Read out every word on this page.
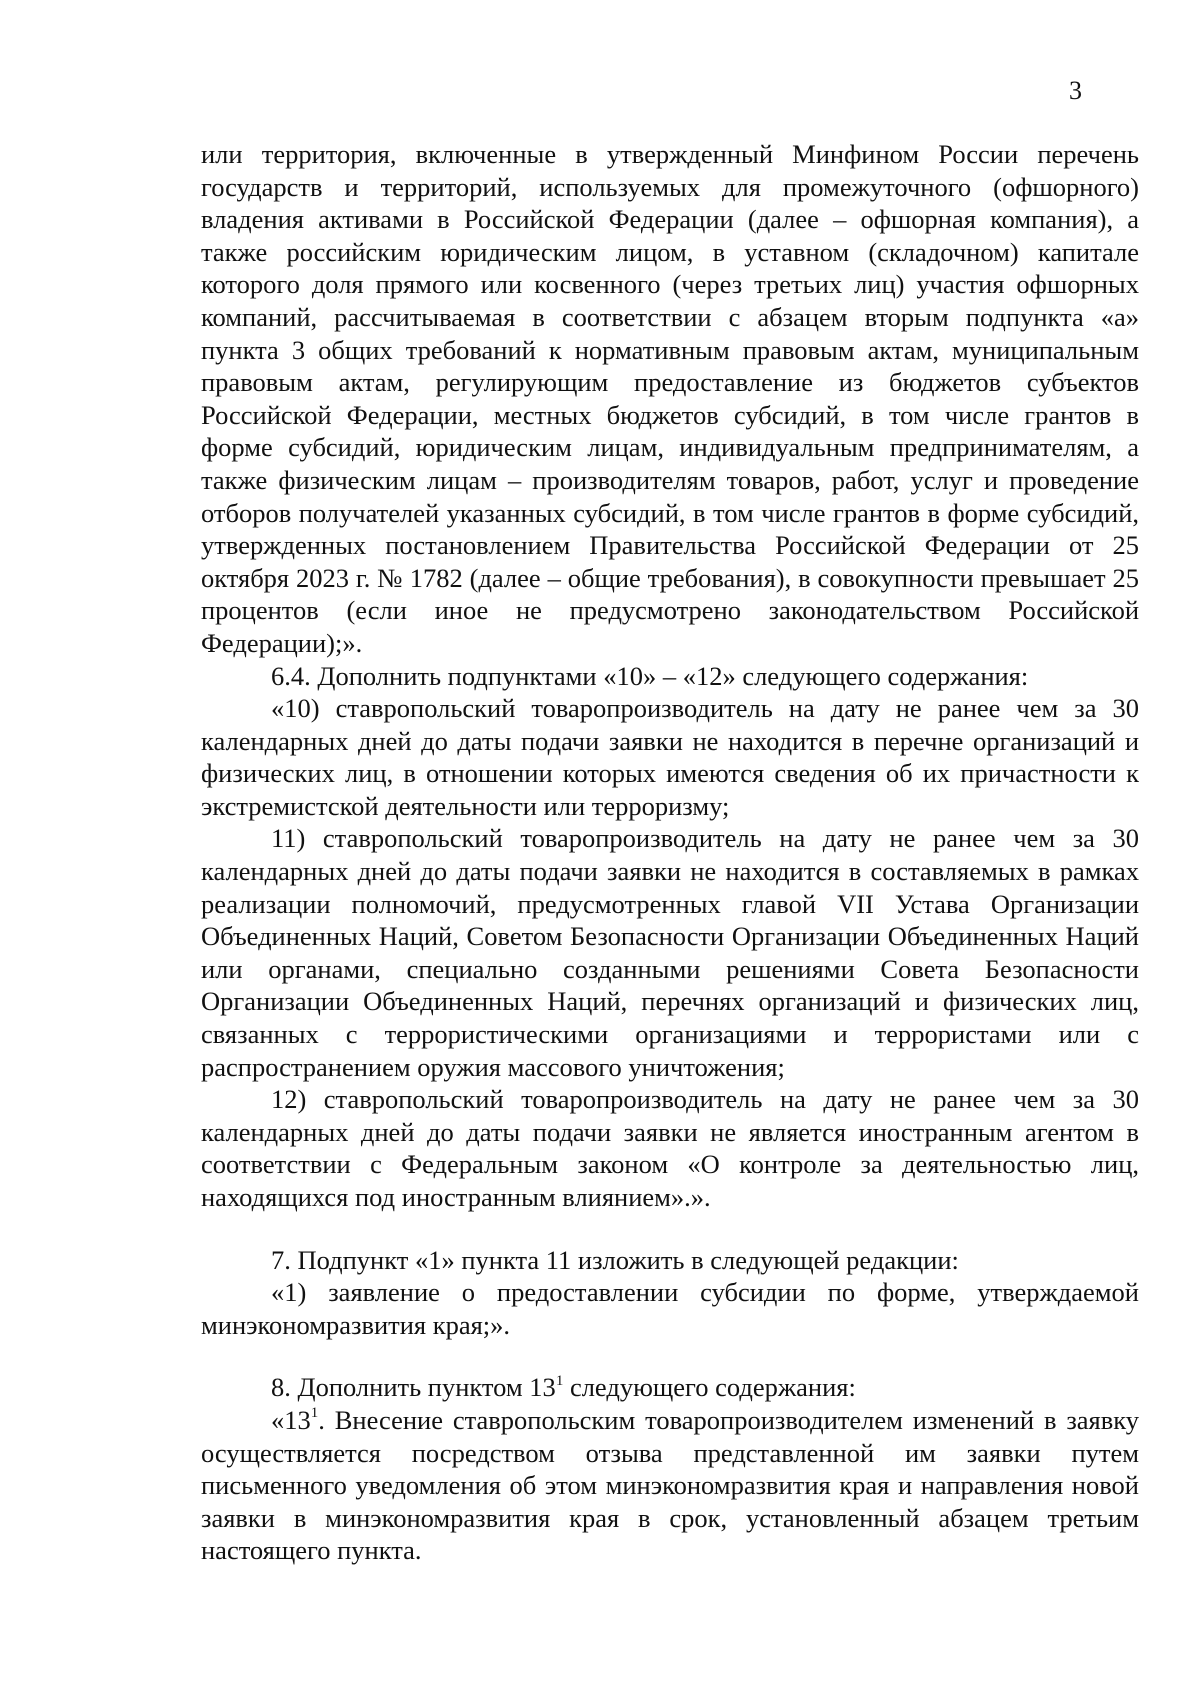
3

или территория, включенные в утвержденный Минфином России перечень государств и территорий, используемых для промежуточного (офшорного) владения активами в Российской Федерации (далее – офшорная компания), а также российским юридическим лицом, в уставном (складочном) капитале которого доля прямого или косвенного (через третьих лиц) участия офшорных компаний, рассчитываемая в соответствии с абзацем вторым подпункта «а» пункта 3 общих требований к нормативным правовым актам, муниципальным правовым актам, регулирующим предоставление из бюджетов субъектов Российской Федерации, местных бюджетов субсидий, в том числе грантов в форме субсидий, юридическим лицам, индивидуальным предпринимателям, а также физическим лицам – производителям товаров, работ, услуг и проведение отборов получателей указанных субсидий, в том числе грантов в форме субсидий, утвержденных постановлением Правительства Российской Федерации от 25 октября 2023 г. № 1782 (далее – общие требования), в совокупности превышает 25 процентов (если иное не предусмотрено законодательством Российской Федерации);».

6.4. Дополнить подпунктами «10» – «12» следующего содержания:

«10) ставропольский товаропроизводитель на дату не ранее чем за 30 календарных дней до даты подачи заявки не находится в перечне организаций и физических лиц, в отношении которых имеются сведения об их причастности к экстремистской деятельности или терроризму;

11) ставропольский товаропроизводитель на дату не ранее чем за 30 календарных дней до даты подачи заявки не находится в составляемых в рамках реализации полномочий, предусмотренных главой VII Устава Организации Объединенных Наций, Советом Безопасности Организации Объединенных Наций или органами, специально созданными решениями Совета Безопасности Организации Объединенных Наций, перечнях организаций и физических лиц, связанных с террористическими организациями и террористами или с распространением оружия массового уничтожения;

12) ставропольский товаропроизводитель на дату не ранее чем за 30 календарных дней до даты подачи заявки не является иностранным агентом в соответствии с Федеральным законом «О контроле за деятельностью лиц, находящихся под иностранным влиянием».».

7. Подпункт «1» пункта 11 изложить в следующей редакции:

«1) заявление о предоставлении субсидии по форме, утверждаемой минэкономразвития края;».

8. Дополнить пунктом $13^1$ следующего содержания:

«$13^1$. Внесение ставропольским товаропроизводителем изменений в заявку осуществляется посредством отзыва представленной им заявки путем письменного уведомления об этом минэкономразвития края и направления новой заявки в минэкономразвития края в срок, установленный абзацем третьим настоящего пункта.
